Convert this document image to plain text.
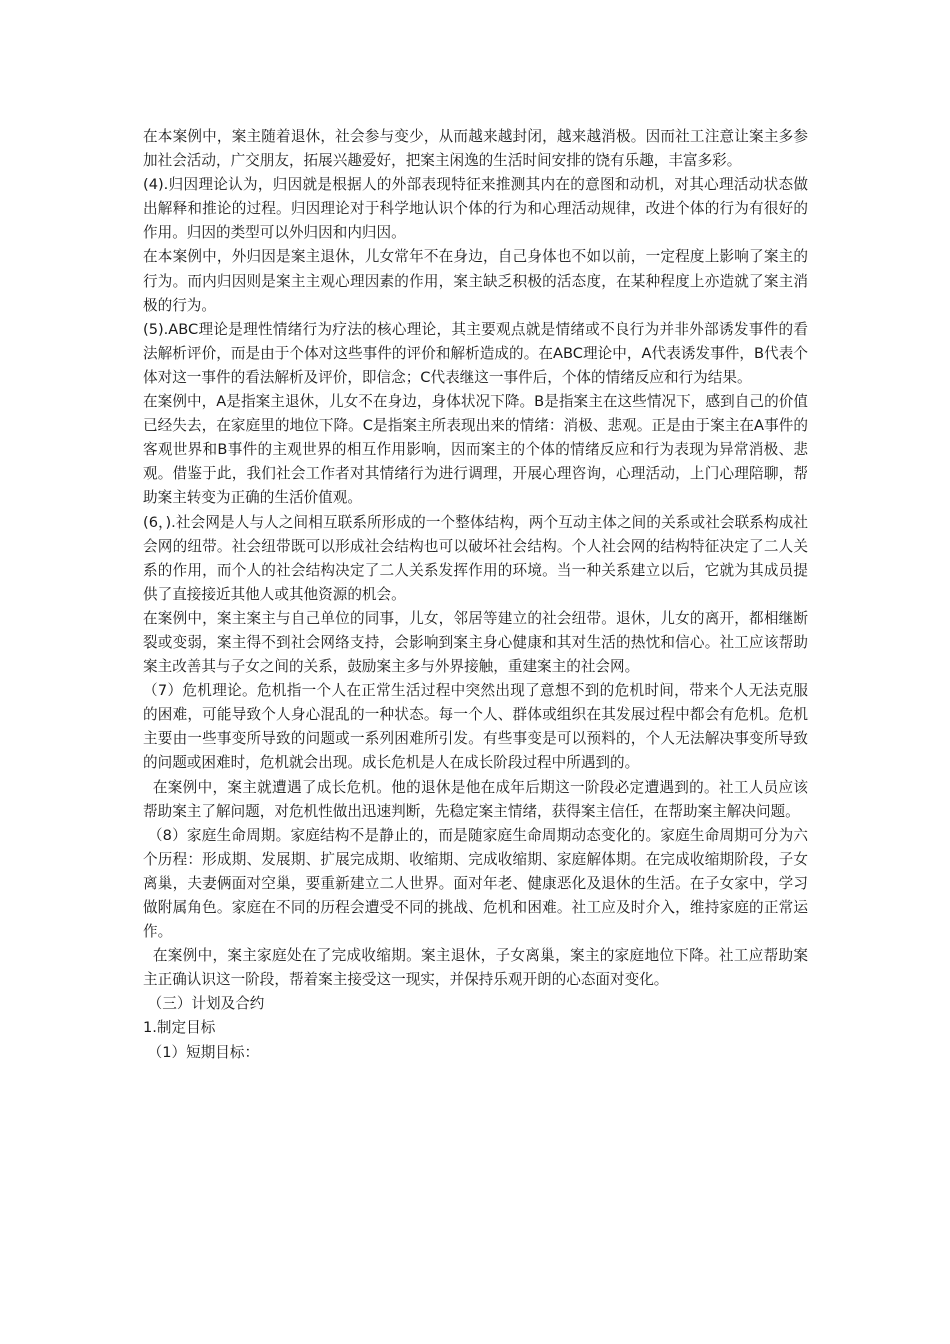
在本案例中，案主随着退休，社会参与变少，从而越来越封闭，越来越消极。因而社工注意让案主多参加社会活动，广交朋友，拓展兴趣爱好，把案主闲逸的生活时间安排的饶有乐趣，丰富多彩。

(4).归因理论认为，归因就是根据人的外部表现特征来推测其内在的意图和动机，对其心理活动状态做出解释和推论的过程。归因理论对于科学地认识个体的行为和心理活动规律，改进个体的行为有很好的作用。归因的类型可以外归因和内归因。

在本案例中，外归因是案主退休，儿女常年不在身边，自己身体也不如以前，一定程度上影响了案主的行为。而内归因则是案主主观心理因素的作用，案主缺乏积极的活态度，在某种程度上亦造就了案主消极的行为。

(5).ABC理论是理性情绪行为疗法的核心理论，其主要观点就是情绪或不良行为并非外部诱发事件的看法解析评价，而是由于个体对这些事件的评价和解析造成的。在ABC理论中，A代表诱发事件，B代表个体对这一事件的看法解析及评价，即信念；C代表继这一事件后，个体的情绪反应和行为结果。

在案例中，A是指案主退休，儿女不在身边，身体状况下降。B是指案主在这些情况下，感到自己的价值已经失去，在家庭里的地位下降。C是指案主所表现出来的情绪：消极、悲观。正是由于案主在A事件的客观世界和B事件的主观世界的相互作用影响，因而案主的个体的情绪反应和行为表现为异常消极、悲观。借鉴于此，我们社会工作者对其情绪行为进行调理，开展心理咨询，心理活动，上门心理陪聊，帮助案主转变为正确的生活价值观。

(6，).社会网是人与人之间相互联系所形成的一个整体结构，两个互动主体之间的关系或社会联系构成社会网的纽带。社会纽带既可以形成社会结构也可以破坏社会结构。个人社会网的结构特征决定了二人关系的作用，而个人的社会结构决定了二人关系发挥作用的环境。当一种关系建立以后，它就为其成员提供了直接接近其他人或其他资源的机会。

在案例中，案主案主与自己单位的同事，儿女，邻居等建立的社会纽带。退休，儿女的离开，都相继断裂或变弱，案主得不到社会网络支持，会影响到案主身心健康和其对生活的热忱和信心。社工应该帮助案主改善其与子女之间的关系，鼓励案主多与外界接触，重建案主的社会网。

（7）危机理论。危机指一个人在正常生活过程中突然出现了意想不到的危机时间，带来个人无法克服的困难，可能导致个人身心混乱的一种状态。每一个人、群体或组织在其发展过程中都会有危机。危机主要由一些事变所导致的问题或一系列困难所引发。有些事变是可以预料的，个人无法解决事变所导致的问题或困难时，危机就会出现。成长危机是人在成长阶段过程中所遇到的。

在案例中，案主就遭遇了成长危机。他的退休是他在成年后期这一阶段必定遭遇到的。社工人员应该帮助案主了解问题，对危机性做出迅速判断，先稳定案主情绪，获得案主信任，在帮助案主解决问题。

（8）家庭生命周期。家庭结构不是静止的，而是随家庭生命周期动态变化的。家庭生命周期可分为六个历程：形成期、发展期、扩展完成期、收缩期、完成收缩期、家庭解体期。在完成收缩期阶段，子女离巢，夫妻俩面对空巢，要重新建立二人世界。面对年老、健康恶化及退休的生活。在子女家中，学习做附属角色。家庭在不同的历程会遭受不同的挑战、危机和困难。社工应及时介入，维持家庭的正常运作。

在案例中，案主家庭处在了完成收缩期。案主退休，子女离巢，案主的家庭地位下降。社工应帮助案主正确认识这一阶段，帮着案主接受这一现实，并保持乐观开朗的心态面对变化。

（三）计划及合约

1.制定目标

（1）短期目标：
